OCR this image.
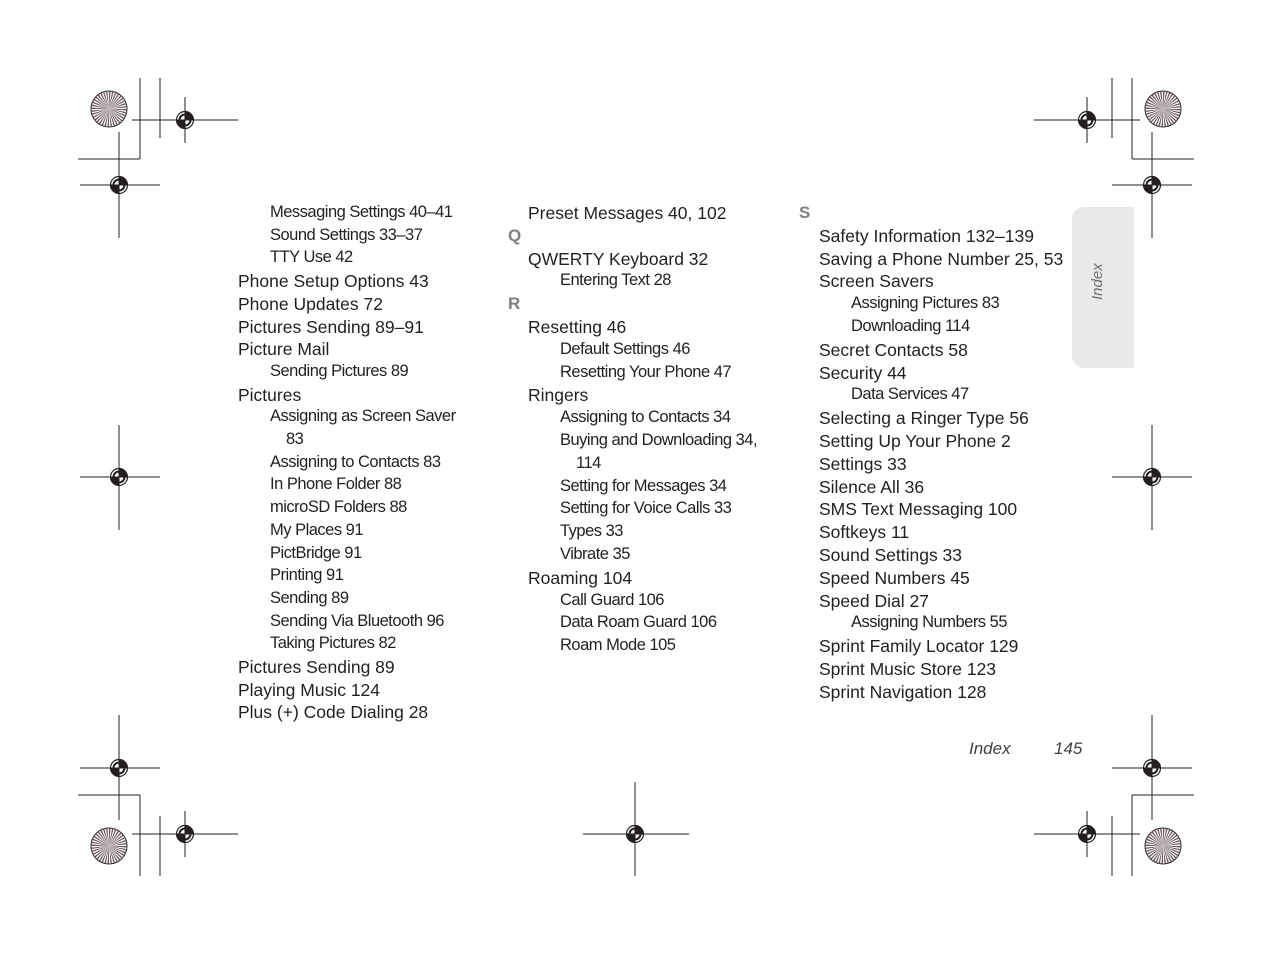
Messaging Settings 40–41
Sound Settings 33–37
TTY Use 42
Phone Setup Options 43
Phone Updates 72
Pictures Sending 89–91
Picture Mail
Sending Pictures 89
Pictures
Assigning as Screen Saver
83
Assigning to Contacts 83
In Phone Folder 88
microSD Folders 88
My Places 91
PictBridge 91
Printing 91
Sending 89
Sending Via Bluetooth 96
Taking Pictures 82
Pictures Sending 89
Playing Music 124
Plus (+) Code Dialing 28
Preset Messages 40, 102
Q
QWERTY Keyboard 32
Entering Text 28
R
Resetting 46
Default Settings 46
Resetting Your Phone 47
Ringers
Assigning to Contacts 34
Buying and Downloading 34,
114
Setting for Messages 34
Setting for Voice Calls 33
Types 33
Vibrate 35
Roaming 104
Call Guard 106
Data Roam Guard 106
Roam Mode 105
S
Safety Information 132–139
Saving a Phone Number 25, 53
Screen Savers
Assigning Pictures 83
Downloading 114
Secret Contacts 58
Security 44
Data Services 47
Selecting a Ringer Type 56
Setting Up Your Phone 2
Settings 33
Silence All 36
SMS Text Messaging 100
Softkeys 11
Sound Settings 33
Speed Numbers 45
Speed Dial 27
Assigning Numbers 55
Sprint Family Locator 129
Sprint Music Store 123
Sprint Navigation 128
Index
Index	145
